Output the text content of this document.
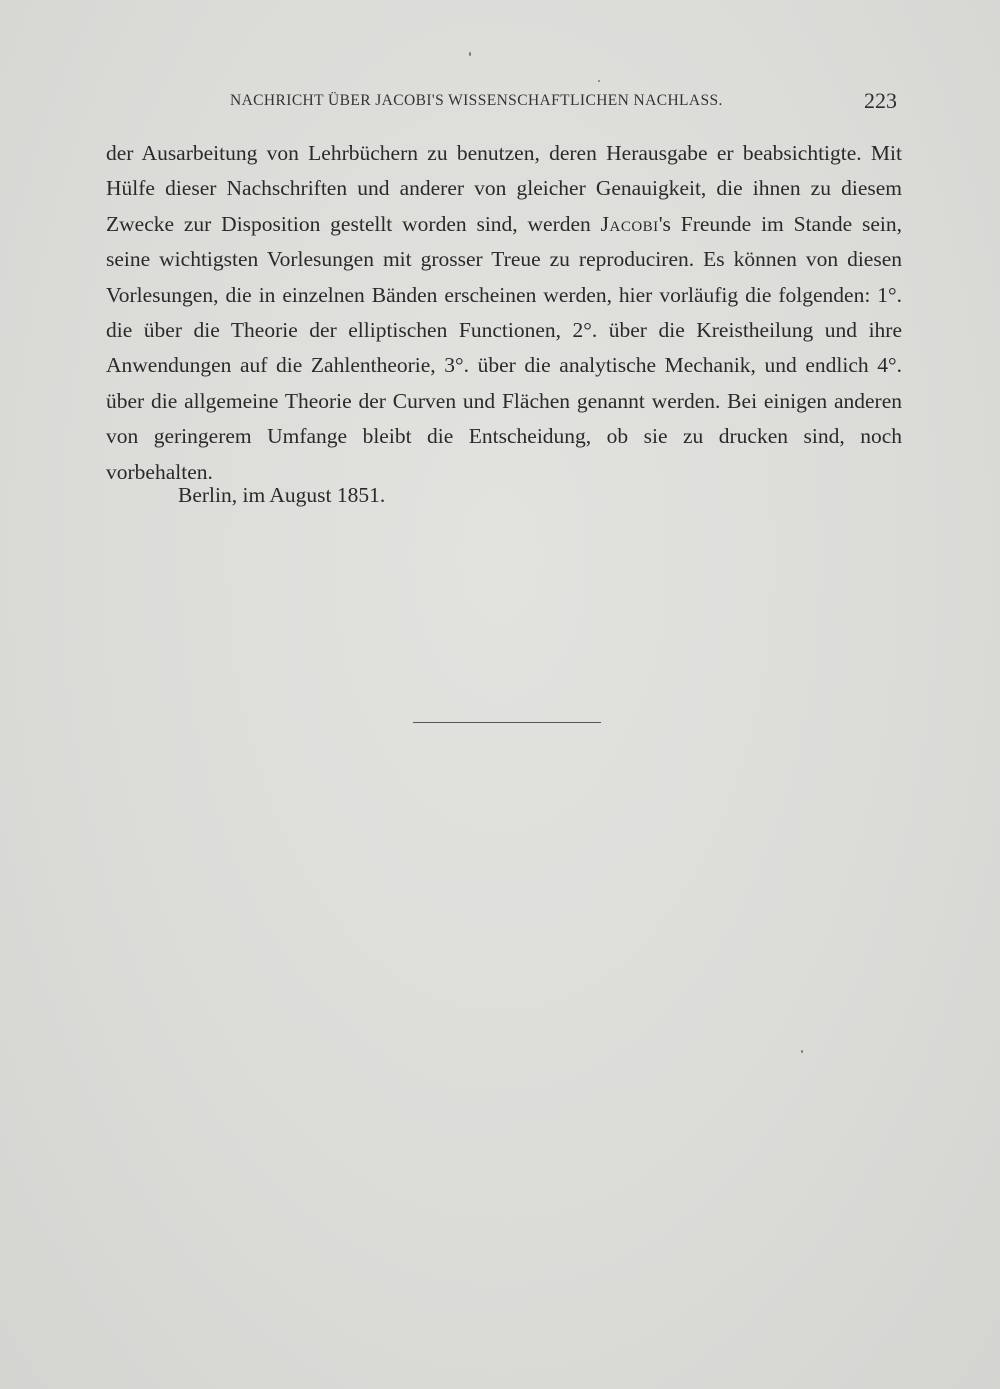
NACHRICHT ÜBER JACOBI'S WISSENSCHAFTLICHEN NACHLASS.	223

der Ausarbeitung von Lehrbüchern zu benutzen, deren Herausgabe er beabsichtigte. Mit Hülfe dieser Nachschriften und anderer von gleicher Genauigkeit, die ihnen zu diesem Zwecke zur Disposition gestellt worden sind, werden Jacobi's Freunde im Stande sein, seine wichtigsten Vorlesungen mit grosser Treue zu reproduciren. Es können von diesen Vorlesungen, die in einzelnen Bänden erscheinen werden, hier vorläufig die folgenden: 1°. die über die Theorie der elliptischen Functionen, 2°. über die Kreistheilung und ihre Anwendungen auf die Zahlentheorie, 3°. über die analytische Mechanik, und endlich 4°. über die allgemeine Theorie der Curven und Flächen genannt werden. Bei einigen anderen von geringerem Umfange bleibt die Entscheidung, ob sie zu drucken sind, noch vorbehalten.

Berlin, im August 1851.
